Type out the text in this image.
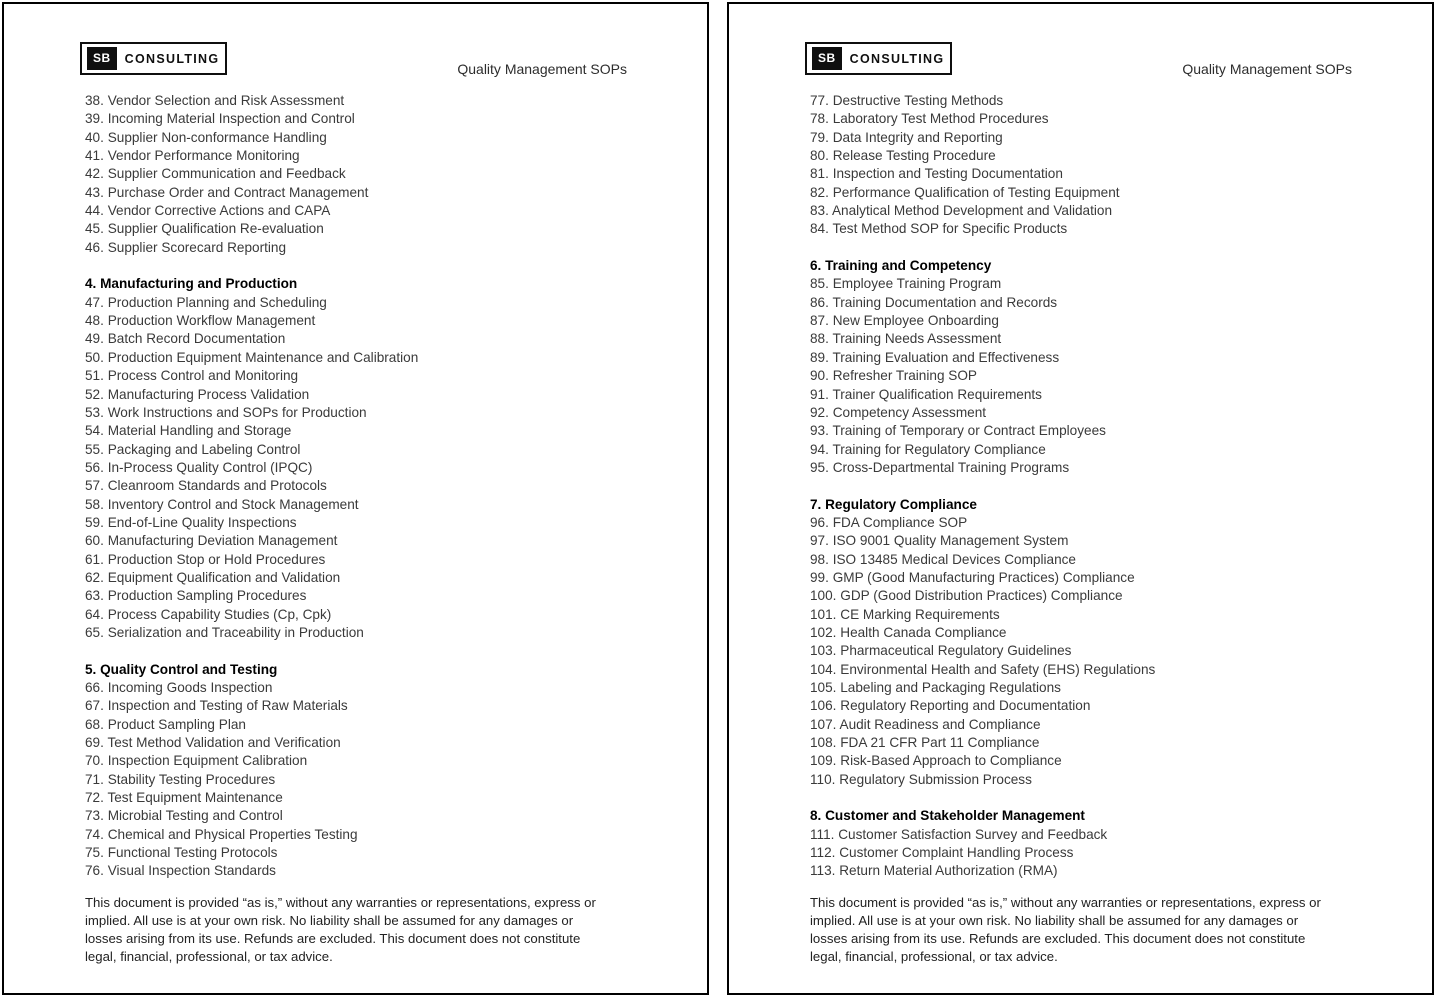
SB	CONSULTING
Quality Management SOPs
38. Vendor Selection and Risk Assessment
39. Incoming Material Inspection and Control
40. Supplier Non-conformance Handling
41. Vendor Performance Monitoring
42. Supplier Communication and Feedback
43. Purchase Order and Contract Management
44. Vendor Corrective Actions and CAPA
45. Supplier Qualification Re-evaluation
46. Supplier Scorecard Reporting
4. Manufacturing and Production
47. Production Planning and Scheduling
48. Production Workflow Management
49. Batch Record Documentation
50. Production Equipment Maintenance and Calibration
51. Process Control and Monitoring
52. Manufacturing Process Validation
53. Work Instructions and SOPs for Production
54. Material Handling and Storage
55. Packaging and Labeling Control
56. In-Process Quality Control (IPQC)
57. Cleanroom Standards and Protocols
58. Inventory Control and Stock Management
59. End-of-Line Quality Inspections
60. Manufacturing Deviation Management
61. Production Stop or Hold Procedures
62. Equipment Qualification and Validation
63. Production Sampling Procedures
64. Process Capability Studies (Cp, Cpk)
65. Serialization and Traceability in Production
5. Quality Control and Testing
66. Incoming Goods Inspection
67. Inspection and Testing of Raw Materials
68. Product Sampling Plan
69. Test Method Validation and Verification
70. Inspection Equipment Calibration
71. Stability Testing Procedures
72. Test Equipment Maintenance
73. Microbial Testing and Control
74. Chemical and Physical Properties Testing
75. Functional Testing Protocols
76. Visual Inspection Standards
This document is provided “as is,” without any warranties or representations, express or
implied. All use is at your own risk. No liability shall be assumed for any damages or
losses arising from its use. Refunds are excluded. This document does not constitute
legal, financial, professional, or tax advice.
SB	CONSULTING
Quality Management SOPs
77. Destructive Testing Methods
78. Laboratory Test Method Procedures
79. Data Integrity and Reporting
80. Release Testing Procedure
81. Inspection and Testing Documentation
82. Performance Qualification of Testing Equipment
83. Analytical Method Development and Validation
84. Test Method SOP for Specific Products
6. Training and Competency
85. Employee Training Program
86. Training Documentation and Records
87. New Employee Onboarding
88. Training Needs Assessment
89. Training Evaluation and Effectiveness
90. Refresher Training SOP
91. Trainer Qualification Requirements
92. Competency Assessment
93. Training of Temporary or Contract Employees
94. Training for Regulatory Compliance
95. Cross-Departmental Training Programs
7. Regulatory Compliance
96. FDA Compliance SOP
97. ISO 9001 Quality Management System
98. ISO 13485 Medical Devices Compliance
99. GMP (Good Manufacturing Practices) Compliance
100. GDP (Good Distribution Practices) Compliance
101. CE Marking Requirements
102. Health Canada Compliance
103. Pharmaceutical Regulatory Guidelines
104. Environmental Health and Safety (EHS) Regulations
105. Labeling and Packaging Regulations
106. Regulatory Reporting and Documentation
107. Audit Readiness and Compliance
108. FDA 21 CFR Part 11 Compliance
109. Risk-Based Approach to Compliance
110. Regulatory Submission Process
8. Customer and Stakeholder Management
111. Customer Satisfaction Survey and Feedback
112. Customer Complaint Handling Process
113. Return Material Authorization (RMA)
This document is provided “as is,” without any warranties or representations, express or
implied. All use is at your own risk. No liability shall be assumed for any damages or
losses arising from its use. Refunds are excluded. This document does not constitute
legal, financial, professional, or tax advice.
